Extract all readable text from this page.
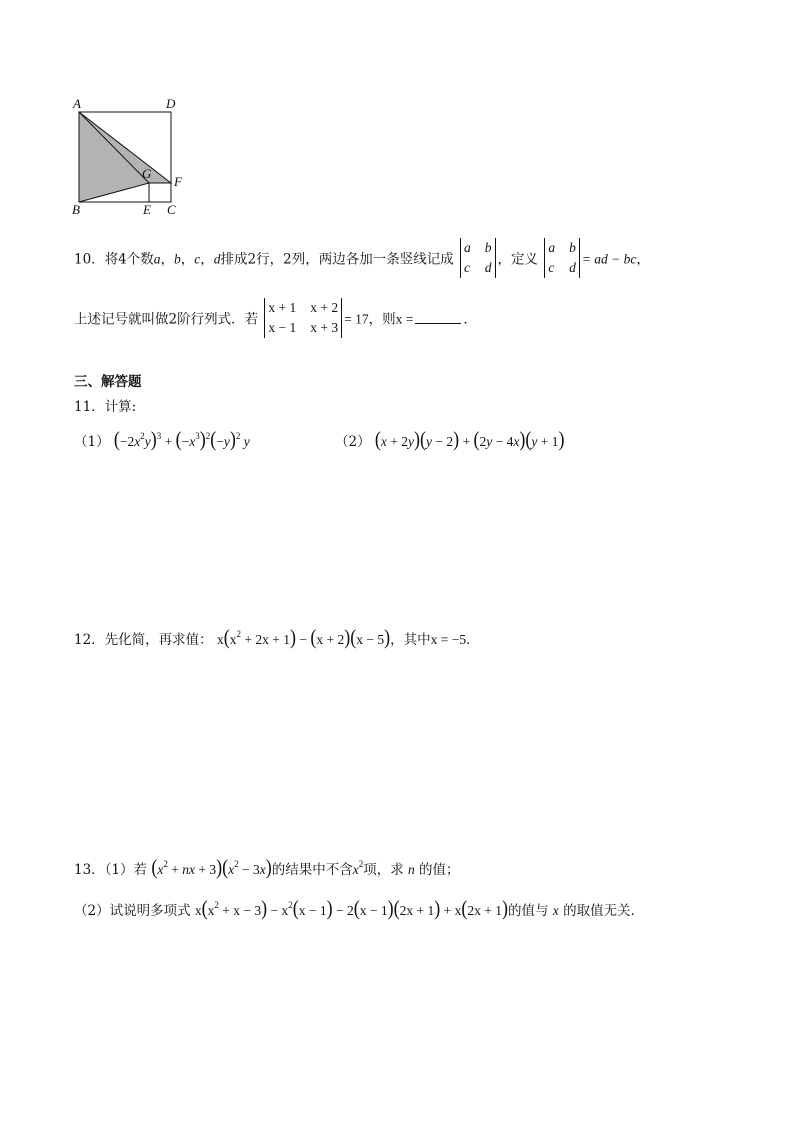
A	D
G
F
B	E C
10．将4个数a，b，c，d排成2行，2列，两边各加一条竖线记成
a b
c d ，定义
a b
c d
= ad − bc，
上述记号就叫做2阶行列式．若
x + 1 x + 2
x − 1 x + 3
= 17，则x =	．
三、解答题
11．计算:
（1） $(-2x^2y)^3 + (-x^3)^2(-y)^2$ y	（2） (x + 2y)(y − 2) + (2y − 4x)(y + 1)
12．先化简，再求值： $x(x^2 + 2x + 1) - (x + 2)(x - 5)$，其中x = −5．
13．（1）若 ($x^2$ + nx + $3)(x^2 - 3x)$的结果中不含$x^2$项，求 n 的值；
（2）试说明多项式 $x(x^2 + x - 3) - x^2(x - 1) - 2(x - 1)(2x + 1) + x(2x + 1)$的值与 x 的取值无关．
